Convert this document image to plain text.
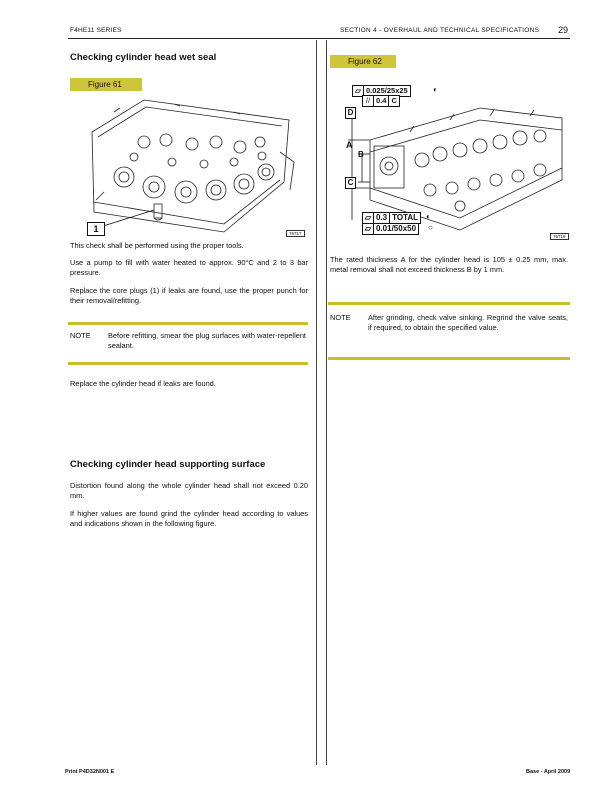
F4HE11 SERIES	SECTION 4 - OVERHAUL AND TECHNICAL SPECIFICATIONS 29
Checking cylinder head wet seal
Figure 61
1	76717
This check shall be performed using the proper tools.
Use a pump to fill with water heated to approx. 90°C and 2 to 3 bar pressure.
Replace the core plugs (1) if leaks are found, use the proper punch for their removal/refitting.
NOTE Before refitting, smear the plug surfaces with water-repellent sealant.
Replace the cylinder head if leaks are found.
Checking cylinder head supporting surface
Distortion found along the whole cylinder head shall not exceed 0.20 mm.
If higher values are found grind the cylinder head according to values and indications shown in the following figure.
Figure 62
⏥ 0.025/25x25	◐
// 0.4 C
D
A
B
C
⏥ 0.3 TOTAL ◐
⏥ 0.01/50x50 ○
76718
The rated thickness A for the cylinder head is 105 ± 0.25 mm, max. metal removal shall not exceed thickness B by 1 mm.
NOTE After grinding, check valve sinking. Regrind the valve seats, if required, to obtain the specified value.
Print P4D32N001 E	Base - April 2009
